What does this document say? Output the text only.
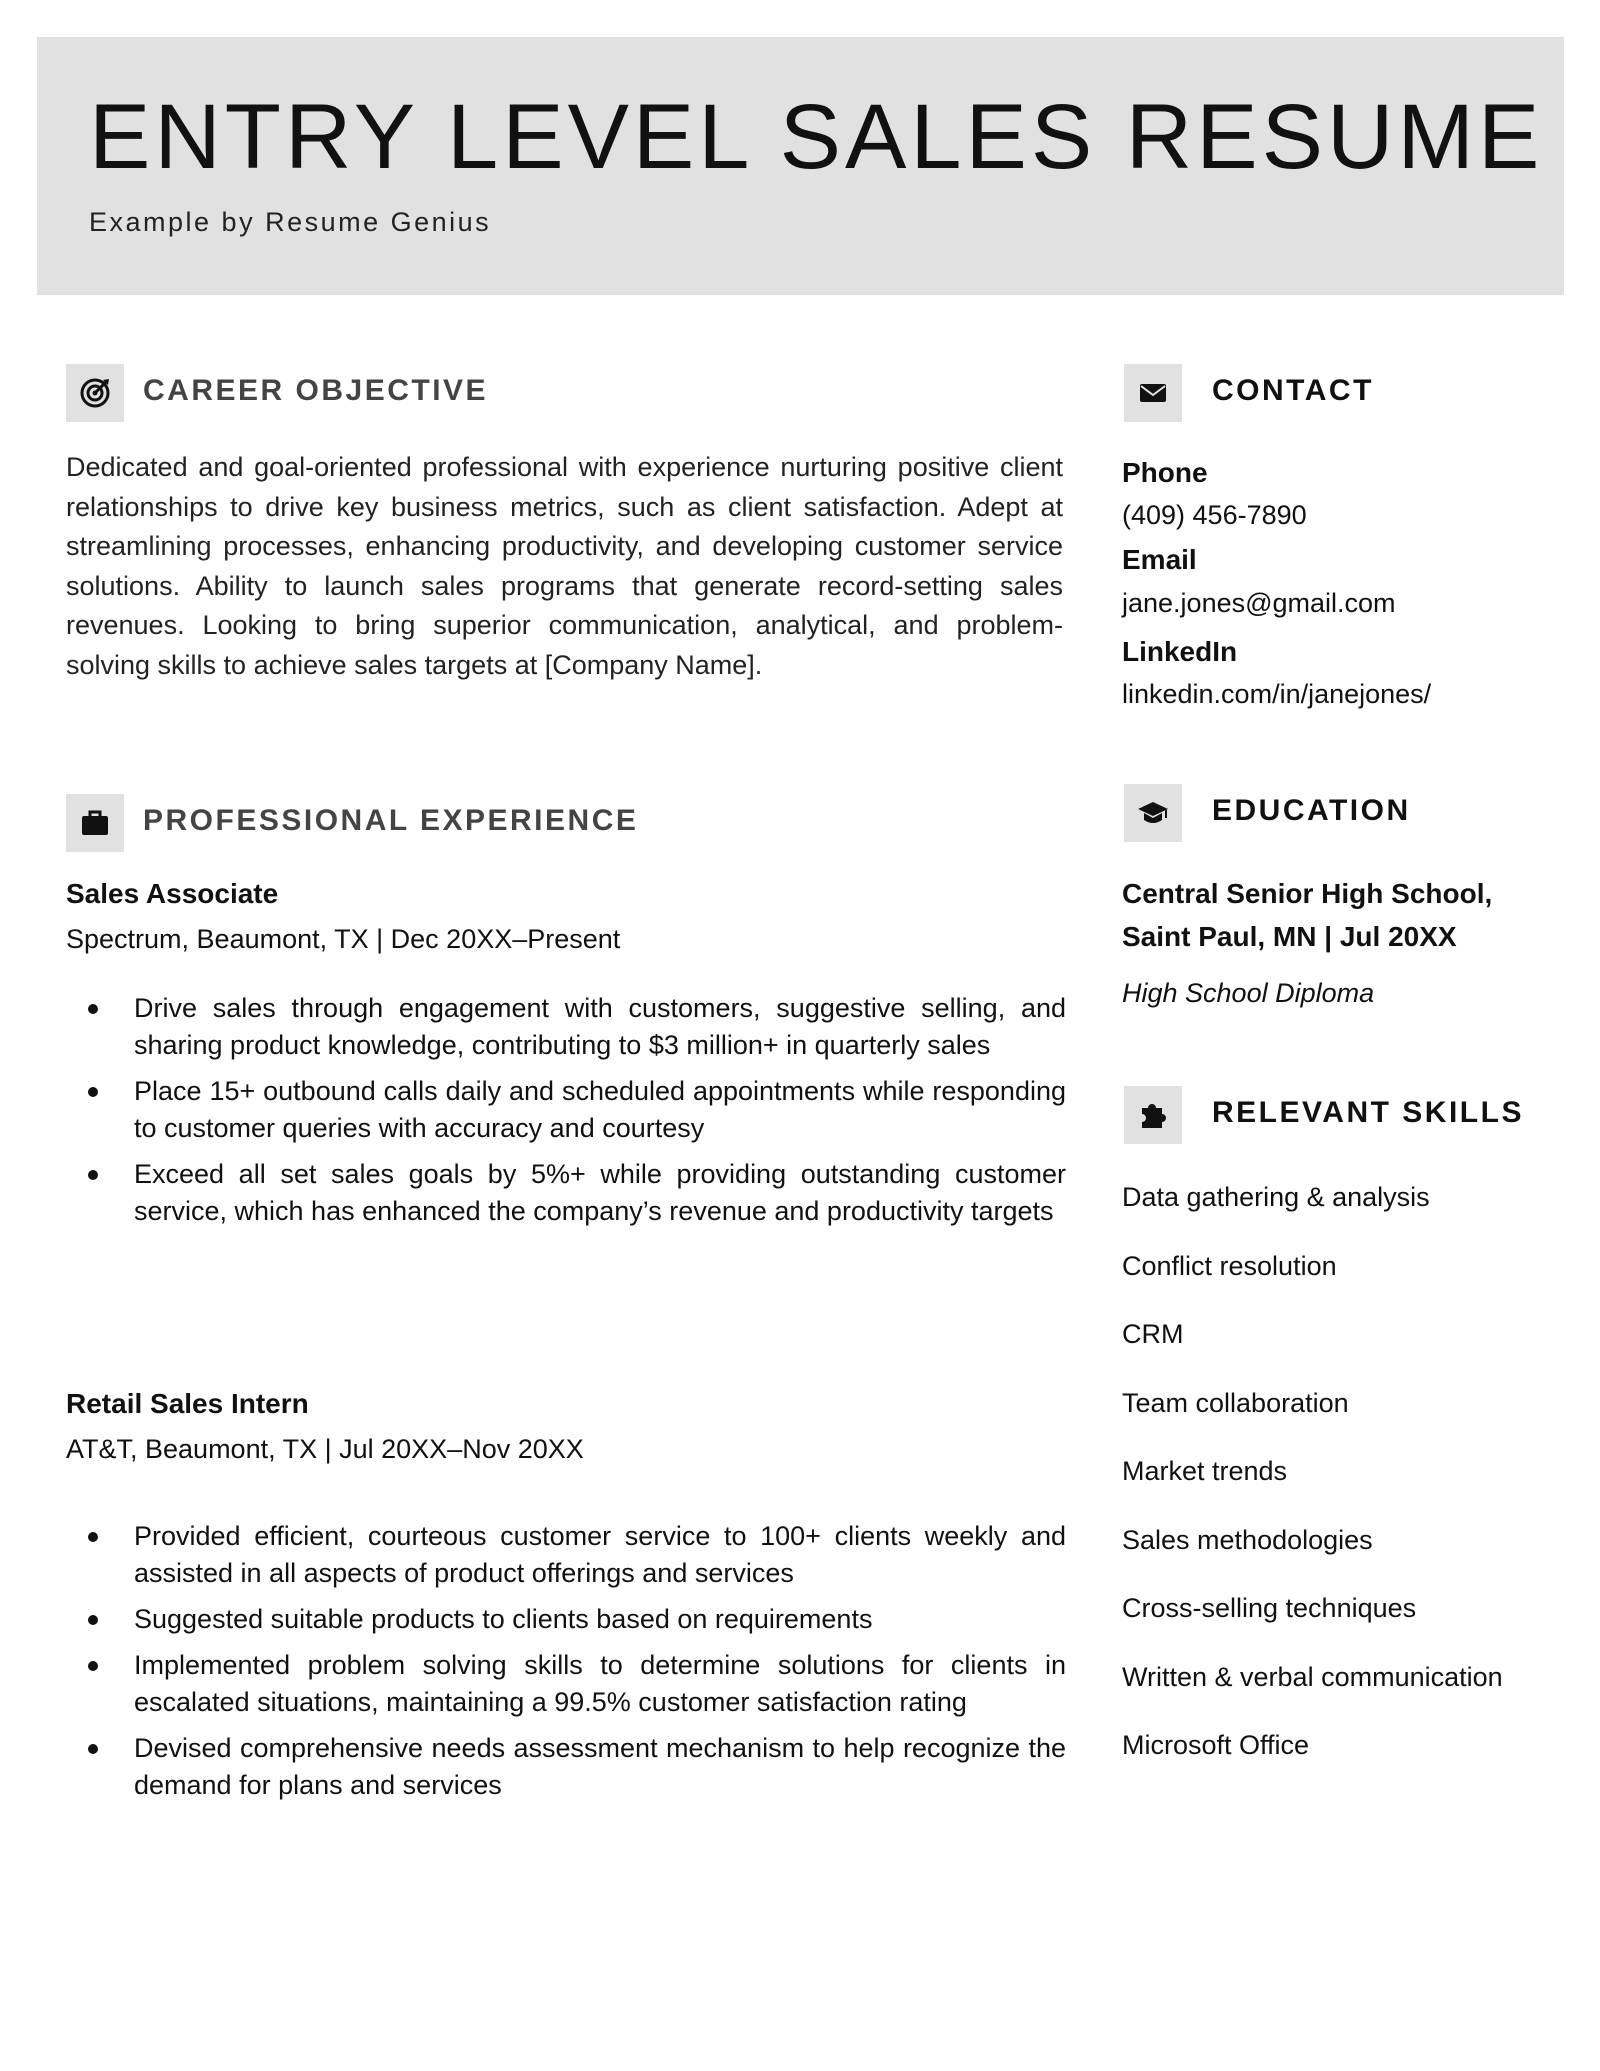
ENTRY LEVEL SALES RESUME
Example by Resume Genius
CAREER OBJECTIVE

Dedicated and goal-oriented professional with experience nurturing positive client relationships to drive key business metrics, such as client satisfaction. Adept at streamlining processes, enhancing productivity, and developing customer service solutions. Ability to launch sales programs that generate record-setting sales revenues. Looking to bring superior communication, analytical, and problem-solving skills to achieve sales targets at [Company Name].

PROFESSIONAL EXPERIENCE
Sales Associate
Spectrum, Beaumont, TX | Dec 20XX–Present
Drive sales through engagement with customers, suggestive selling, and sharing product knowledge, contributing to $3 million+ in quarterly sales
Place 15+ outbound calls daily and scheduled appointments while responding to customer queries with accuracy and courtesy
Exceed all set sales goals by 5%+ while providing outstanding customer service, which has enhanced the company’s revenue and productivity targets
Retail Sales Intern
AT&T, Beaumont, TX | Jul 20XX–Nov 20XX
Provided efficient, courteous customer service to 100+ clients weekly and assisted in all aspects of product offerings and services
Suggested suitable products to clients based on requirements
Implemented problem solving skills to determine solutions for clients in escalated situations, maintaining a 99.5% customer satisfaction rating
Devised comprehensive needs assessment mechanism to help recognize the demand for plans and services
CONTACT
Phone
(409) 456-7890
Email
jane.jones@gmail.com
LinkedIn
linkedin.com/in/janejones/
EDUCATION
Central Senior High School, Saint Paul, MN | Jul 20XX
High School Diploma
RELEVANT SKILLS
Data gathering & analysis
Conflict resolution
CRM
Team collaboration
Market trends
Sales methodologies
Cross-selling techniques
Written & verbal communication
Microsoft Office
